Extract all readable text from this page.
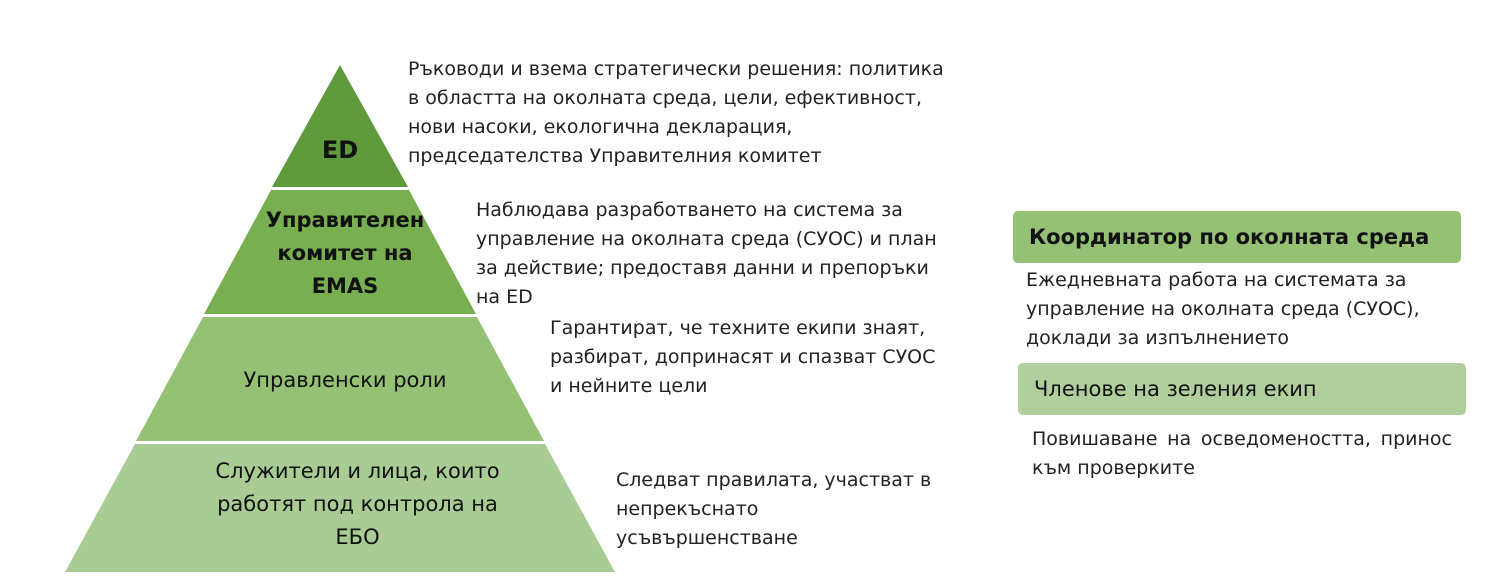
ED
Управителен комитет на EMAS
Управленски роли
Служители и лица, които работят под контрола на ЕБО
Ръководи и взема стратегически решения: политика в областта на околната среда, цели, ефективност, нови насоки, екологична декларация, председателства Управителния комитет
Наблюдава разработването на система за управление на околната среда (СУОС) и план за действие; предоставя данни и препоръки на ED
Гарантират, че техните екипи знаят, разбират, допринасят и спазват СУОС и нейните цели
Следват правилата, участват в непрекъснато усъвършенстване
Координатор по околната среда
Ежедневната работа на системата за управление на околната среда (СУОС), доклади за изпълнението
Членове на зеления екип
Повишаване на осведомеността, принос към проверките
